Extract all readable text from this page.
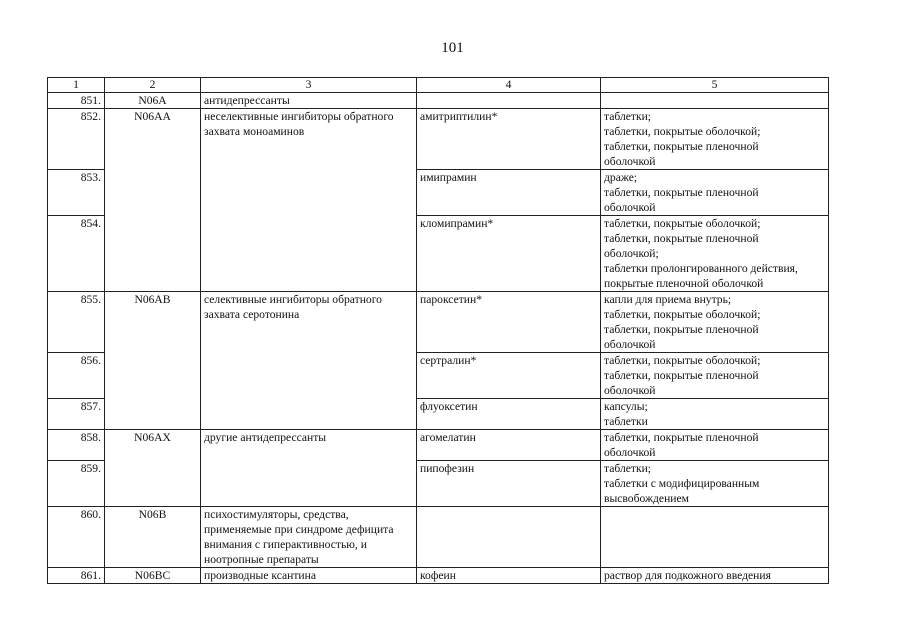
101
1	2	3	4	5
851.	N06A	антидепрессанты		

852.	N06AA	неселективные ингибиторы обратного
захвата моноаминов	амитриптилин*	таблетки;
таблетки, покрытые оболочкой;
таблетки, покрытые пленочной
оболочкой

853.			имипрамин	драже;
таблетки, покрытые пленочной
оболочкой

854.			кломипрамин*	таблетки, покрытые оболочкой;
таблетки, покрытые пленочной
оболочкой;
таблетки пролонгированного действия,
покрытые пленочной оболочкой

855.	N06AB	селективные ингибиторы обратного
захвата серотонина	пароксетин*	капли для приема внутрь;
таблетки, покрытые оболочкой;
таблетки, покрытые пленочной
оболочкой

856.			сертралин*	таблетки, покрытые оболочкой;
таблетки, покрытые пленочной
оболочкой

857.			флуоксетин	капсулы;
таблетки

858.	N06AX	другие антидепрессанты	агомелатин	таблетки, покрытые пленочной
оболочкой

859.			пипофезин	таблетки;
таблетки с модифицированным
высвобождением

860.	N06B	психостимуляторы, средства,
применяемые при синдроме дефицита
внимания с гиперактивностью, и
ноотропные препараты		

861.	N06BC	производные ксантина	кофеин	раствор для подкожного введения
